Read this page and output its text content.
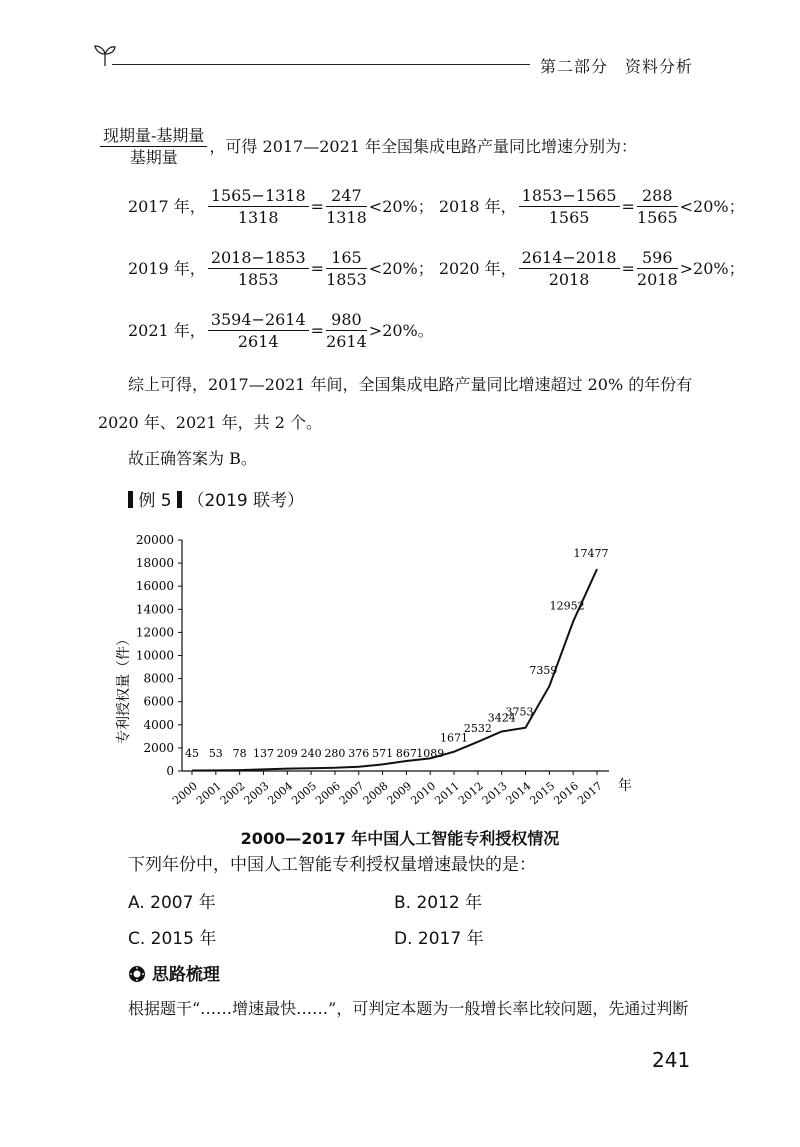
第二部分　资料分析
现期量-基期量
基期量
，可得 2017—2021 年全国集成电路产量同比增速分别为：
2017 年， $\frac{1565-1318}{1318} = \frac{247}{1318} <20\%$； 2018 年， $\frac{1853-1565}{1565} = \frac{288}{1565} <20\%$；
2019 年， $\frac{2018-1853}{1853} = \frac{165}{1853} <20\%$； 2020 年， $\frac{2614-2018}{2018} = \frac{596}{2018} >20\%$；
2021 年， $\frac{3594-2614}{2614} = \frac{980}{2614} >20\%$。
综上可得，2017—2021 年间，全国集成电路产量同比增速超过 20% 的年份有
2020 年、2021 年，共 2 个。
故正确答案为 B。
例 5 （2019 联考）
0
2000
4000
6000
8000
10000
12000
14000
16000
18000
20000
2000
2001
2002
2003
2004
2005
2006
2007
2008
2009
2010
2011
2012
2013
2014
2015
2016
2017
45 53 78 137 209 240 280 376 571 867 1089
1671
2532
3424
3753
7359
12952
17477
专利授权量（件）
年
2000—2017 年中国人工智能专利授权情况
下列年份中，中国人工智能专利授权量增速最快的是：
A. 2007 年	B. 2012 年
C. 2015 年	D. 2017 年
思路梳理
根据题干“……增速最快……”，可判定本题为一般增长率比较问题，先通过判断
241
